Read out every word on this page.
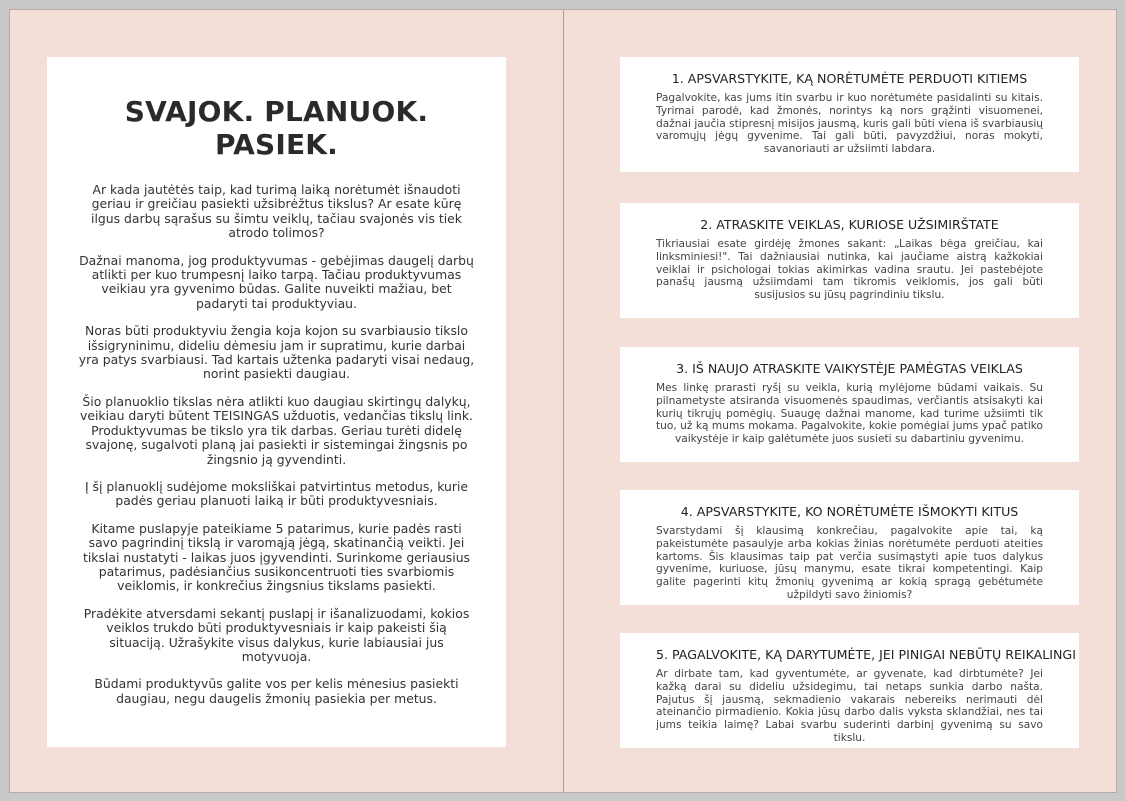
SVAJOK. PLANUOK. PASIEK.

Ar kada jautėtės taip, kad turimą laiką norėtumėt išnaudoti geriau ir greičiau pasiekti užsibrėžtus tikslus? Ar esate kūrę ilgus darbų sąrašus su šimtu veiklų, tačiau svajonės vis tiek atrodo tolimos?

Dažnai manoma, jog produktyvumas - gebėjimas daugelį darbų atlikti per kuo trumpesnį laiko tarpą. Tačiau produktyvumas veikiau yra gyvenimo būdas. Galite nuveikti mažiau, bet padaryti tai produktyviau.

Noras būti produktyviu žengia koja kojon su svarbiausio tikslo išsigryninimu, dideliu dėmesiu jam ir supratimu, kurie darbai yra patys svarbiausi. Tad kartais užtenka padaryti visai nedaug, norint pasiekti daugiau.

Šio planuoklio tikslas nėra atlikti kuo daugiau skirtingų dalykų, veikiau daryti būtent TEISINGAS užduotis, vedančias tikslų link. Produktyvumas be tikslo yra tik darbas. Geriau turėti didelę svajonę, sugalvoti planą jai pasiekti ir sistemingai žingsnis po žingsnio ją gyvendinti.

Į šį planuoklį sudėjome moksliškai patvirtintus metodus, kurie padės geriau planuoti laiką ir būti produktyvesniais.

Kitame puslapyje pateikiame 5 patarimus, kurie padės rasti savo pagrindinį tikslą ir varomąją jėgą, skatinančią veikti. Jei tikslai nustatyti - laikas juos įgyvendinti. Surinkome geriausius patarimus, padėsiančius susikoncentruoti ties svarbiomis veiklomis, ir konkrečius žingsnius tikslams pasiekti.

Pradėkite atversdami sekantį puslapį ir išanalizuodami, kokios veiklos trukdo būti produktyvesniais ir kaip pakeisti šią situaciją. Užrašykite visus dalykus, kurie labiausiai jus motyvuoja.

Būdami produktyvūs galite vos per kelis mėnesius pasiekti daugiau, negu daugelis žmonių pasiekia per metus.

1. APSVARSTYKITE, KĄ NORĖTUMĖTE PERDUOTI KITIEMS

Pagalvokite, kas jums itin svarbu ir kuo norėtumėte pasidalinti su kitais. Tyrimai parodė, kad žmonės, norintys ką nors grąžinti visuomenei, dažnai jaučia stipresnį misijos jausmą, kuris gali būti viena iš svarbiausių varomųjų jėgų gyvenime. Tai gali būti, pavyzdžiui, noras mokyti, savanoriauti ar užsiimti labdara.

2. ATRASKITE VEIKLAS, KURIOSE UŽSIMIRŠTATE

Tikriausiai esate girdėję žmones sakant: „Laikas bėga greičiau, kai linksminiesi!". Tai dažniausiai nutinka, kai jaučiame aistrą kažkokiai veiklai ir psichologai tokias akimirkas vadina srautu. Jei pastebėjote panašų jausmą užsiimdami tam tikromis veiklomis, jos gali būti susijusios su jūsų pagrindiniu tikslu.

3. IŠ NAUJO ATRASKITE VAIKYSTĖJE PAMĖGTAS VEIKLAS

Mes linkę prarasti ryšį su veikla, kurią mylėjome būdami vaikais. Su pilnametyste atsiranda visuomenės spaudimas, verčiantis atsisakyti kai kurių tikrųjų pomėgių. Suaugę dažnai manome, kad turime užsiimti tik tuo, už ką mums mokama. Pagalvokite, kokie pomėgiai jums ypač patiko vaikystėje ir kaip galėtumėte juos susieti su dabartiniu gyvenimu.

4. APSVARSTYKITE, KO NORĖTUMĖTE IŠMOKYTI KITUS

Svarstydami šį klausimą konkrečiau, pagalvokite apie tai, ką pakeistumėte pasaulyje arba kokias žinias norėtumėte perduoti ateities kartoms. Šis klausimas taip pat verčia susimąstyti apie tuos dalykus gyvenime, kuriuose, jūsų manymu, esate tikrai kompetentingi. Kaip galite pagerinti kitų žmonių gyvenimą ar kokią spragą gebėtumėte užpildyti savo žiniomis?

5. PAGALVOKITE, KĄ DARYTUMĖTE, JEI PINIGAI NEBŪTŲ REIKALINGI

Ar dirbate tam, kad gyventumėte, ar gyvenate, kad dirbtumėte? Jei kažką darai su dideliu užsidegimu, tai netaps sunkia darbo našta. Pajutus šį jausmą, sekmadienio vakarais nebereiks nerimauti dėl ateinančio pirmadienio. Kokia jūsų darbo dalis vyksta sklandžiai, nes tai jums teikia laimę? Labai svarbu suderinti darbinį gyvenimą su savo tikslu.
